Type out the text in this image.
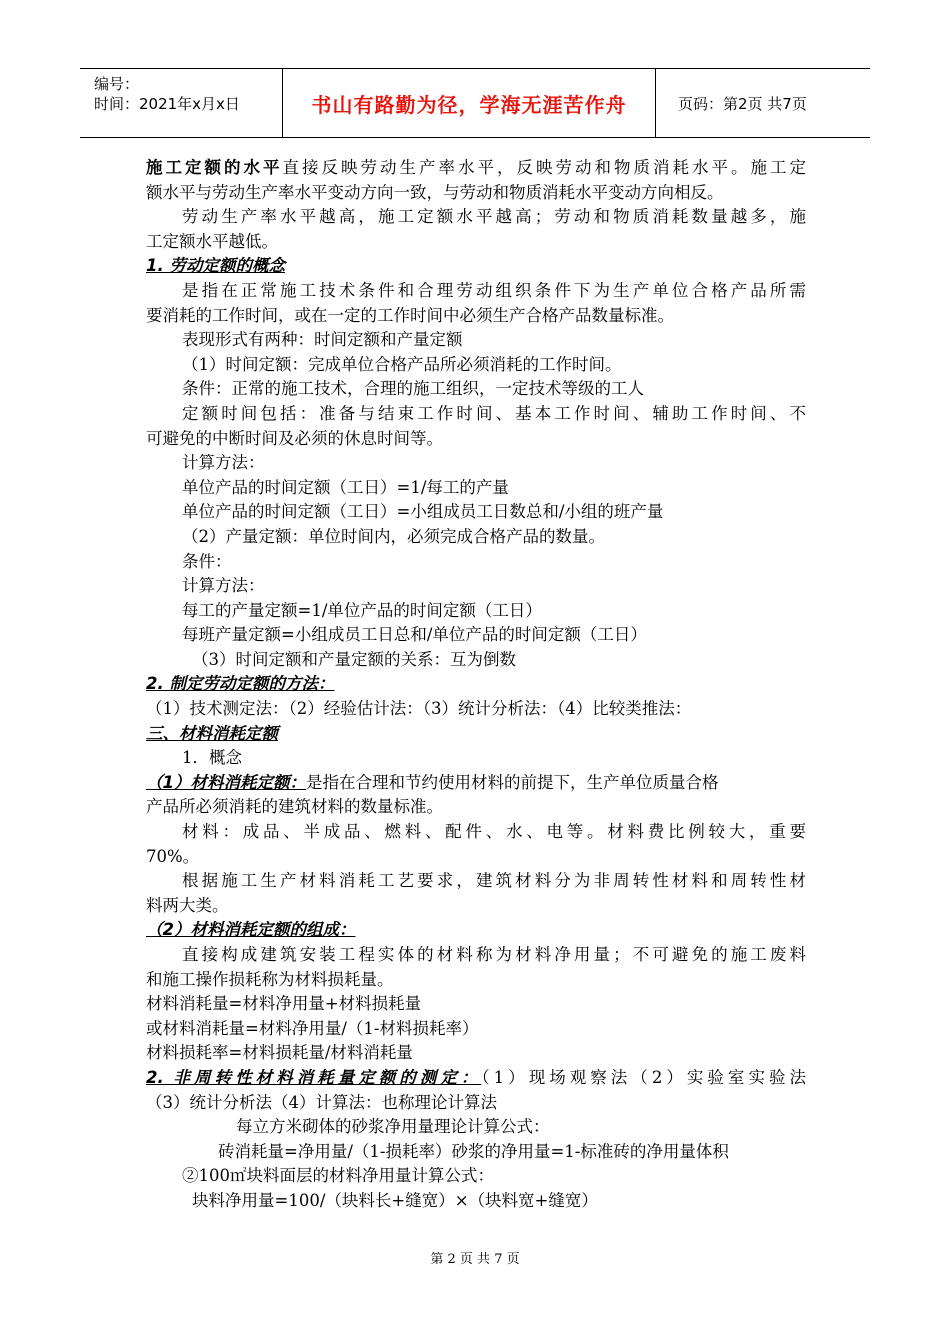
编号：
时间：2021年x月x日	书山有路勤为径，学海无涯苦作舟	页码：第2页 共7页

施工定额的水平直接反映劳动生产率水平，反映劳动和物质消耗水平。施工定

额水平与劳动生产率水平变动方向一致，与劳动和物质消耗水平变动方向相反。

劳动生产率水平越高，施工定额水平越高；劳动和物质消耗数量越多，施

工定额水平越低。

1. 劳动定额的概念

是指在正常施工技术条件和合理劳动组织条件下为生产单位合格产品所需

要消耗的工作时间，或在一定的工作时间中必须生产合格产品数量标准。

表现形式有两种：时间定额和产量定额

（1）时间定额：完成单位合格产品所必须消耗的工作时间。

条件：正常的施工技术，合理的施工组织，一定技术等级的工人

定额时间包括：准备与结束工作时间、基本工作时间、辅助工作时间、不

可避免的中断时间及必须的休息时间等。

计算方法：

单位产品的时间定额（工日）=1/每工的产量

单位产品的时间定额（工日）=小组成员工日数总和/小组的班产量

（2）产量定额：单位时间内，必须完成合格产品的数量。

条件：

计算方法：

每工的产量定额=1/单位产品的时间定额（工日）

每班产量定额=小组成员工日总和/单位产品的时间定额（工日）

（3）时间定额和产量定额的关系：互为倒数

2. 制定劳动定额的方法：

（1）技术测定法：（2）经验估计法：（3）统计分析法：（4）比较类推法：

三、材料消耗定额

1．概念

（1）材料消耗定额：是指在合理和节约使用材料的前提下，生产单位质量合格

产品所必须消耗的建筑材料的数量标准。

材料：成品、半成品、燃料、配件、水、电等。材料费比例较大，重要

70%。

根据施工生产材料消耗工艺要求，建筑材料分为非周转性材料和周转性材

料两大类。

（2）材料消耗定额的组成：

直接构成建筑安装工程实体的材料称为材料净用量；不可避免的施工废料

和施工操作损耗称为材料损耗量。

材料消耗量=材料净用量+材料损耗量

或材料消耗量=材料净用量/（1-材料损耗率）

材料损耗率=材料损耗量/材料消耗量

2. 非周转性材料消耗量定额的测定：（1）现场观察法（2）实验室实验法

（3）统计分析法（4）计算法：也称理论计算法

每立方米砌体的砂浆净用量理论计算公式：

砖消耗量=净用量/（1-损耗率）砂浆的净用量=1-标准砖的净用量体积

②100㎡块料面层的材料净用量计算公式：

块料净用量=100/（块料长+缝宽）×（块料宽+缝宽）

第 2 页 共 7 页
